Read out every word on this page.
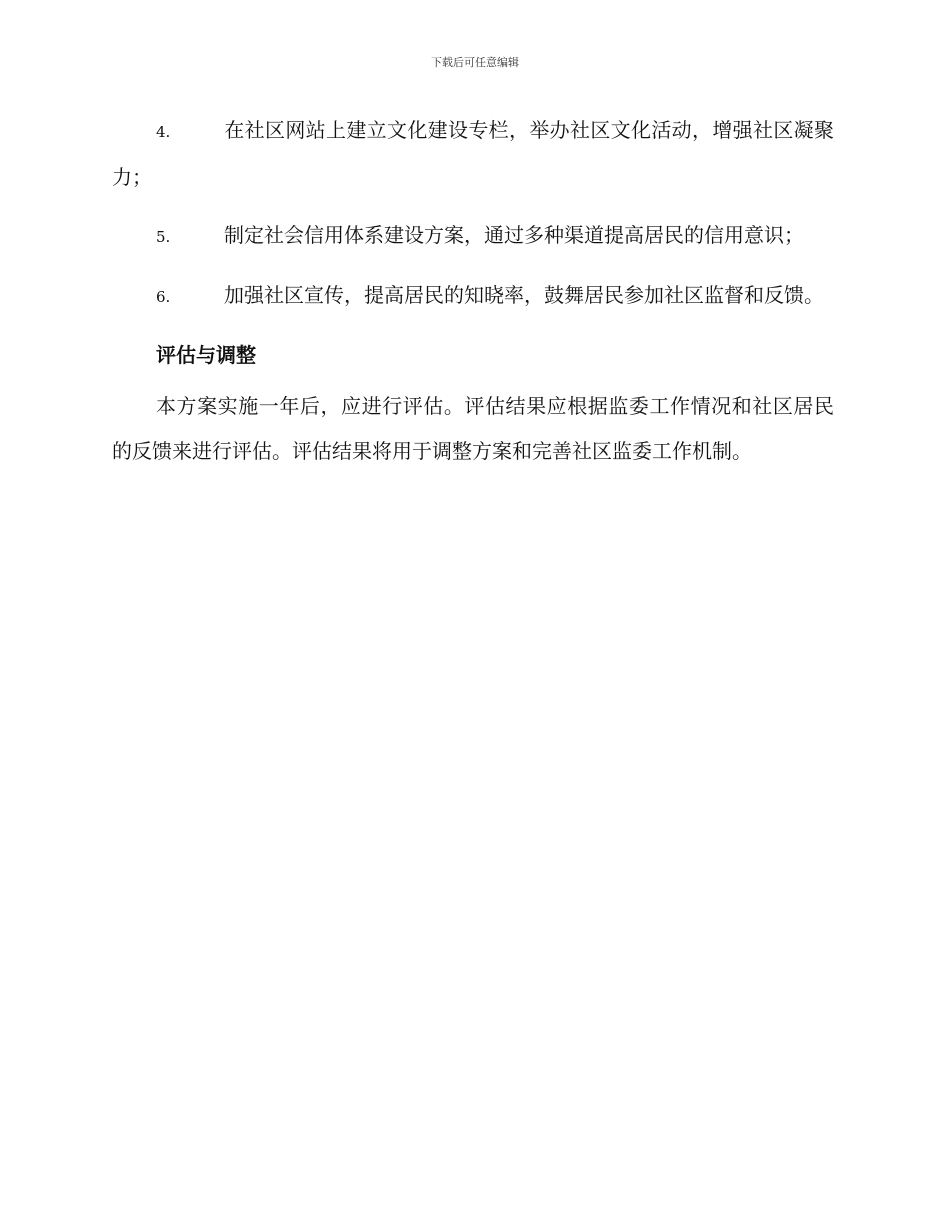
下载后可任意编辑

4.	在社区网站上建立文化建设专栏，举办社区文化活动，增强社区凝聚力；

5.	制定社会信用体系建设方案，通过多种渠道提高居民的信用意识；

6.	加强社区宣传，提高居民的知晓率，鼓舞居民参加社区监督和反馈。

评估与调整

本方案实施一年后，应进行评估。评估结果应根据监委工作情况和社区居民的反馈来进行评估。评估结果将用于调整方案和完善社区监委工作机制。
